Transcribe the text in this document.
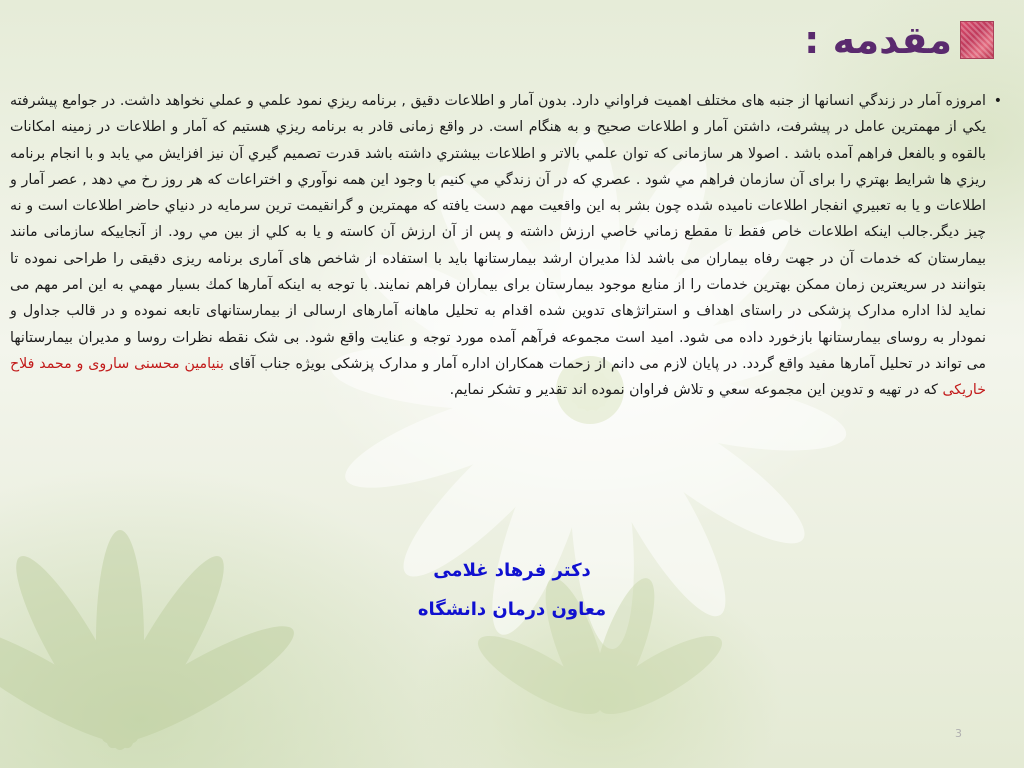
مقدمه :
•
امروزه آمار در زندگي انسانها از جنبه های مختلف اهميت فراواني دارد. بدون آمار و اطلاعات دقيق , برنامه ريزي نمود علمي و عملي نخواهد داشت. در جوامع پيشرفته يكي از مهمترين عامل در پيشرفت، داشتن آمار و اطلاعات صحيح و به هنگام است. در واقع زمانی قادر به برنامه ريزي هستيم كه آمار و اطلاعات در زمينه امكانات بالقوه و بالفعل فراهم آمده باشد . اصولا هر سازمانی كه توان علمي بالاتر و اطلاعات بيشتري داشته باشد قدرت تصميم گيري آن نيز افزايش مي يابد و با انجام برنامه ريزي ها شرايط بهتري را برای آن سازمان فراهم مي شود . عصري كه در آن زندگي مي كنيم با وجود اين همه نوآوري و اختراعات كه هر روز رخ مي دهد , عصر آمار و اطلاعات و يا به تعبيري انفجار اطلاعات ناميده شده چون بشر به اين واقعيت مهم دست يافته كه مهمترين و گرانقيمت ترين سرمايه در دنياي حاضر اطلاعات است و نه چيز ديگر.جالب اينكه اطلاعات خاص فقط تا مقطع زماني خاصي ارزش داشته و پس از آن ارزش آن كاسته و يا به كلي از بين مي رود. از آنجاییکه سازمانی مانند بیمارستان که خدمات آن در جهت رفاه بیماران می باشد لذا مدیران ارشد بیمارستانها باید با استفاده از شاخص های آماری برنامه ریزی دقیقی را طراحی نموده تا بتوانند در سریعترین زمان ممکن بهترین خدمات را از منابع موجود بیمارستان برای بیماران فراهم نمایند. با توجه به اینکه آمارها كمك بسيار مهمي به اين امر مهم می نماید لذا اداره مدارک پزشکی در راستای اهداف و استراتژهای تدوین شده اقدام به تحلیل ماهانه آمارهای ارسالی از بیمارستانهای تابعه نموده و در قالب جداول و نمودار به روسای بیمارستانها بازخورد داده می شود. امید است مجموعه فرآهم آمده مورد توجه و عنایت واقع شود. بی شک نقطه نظرات روسا و مدیران بیمارستانها می تواند در تحلیل آمارها مفید واقع گردد. در پایان لازم می دانم از زحمات همکاران اداره آمار و مدارک پزشکی بویژه جناب آقای بنیامین محسنی ساروی و محمد فلاح خاریکی که در تهیه و تدوین این مجموعه سعي و تلاش فراوان نموده اند تقدير و تشكر نمايم.
دکتر فرهاد غلامی
معاون درمان دانشگاه
3
